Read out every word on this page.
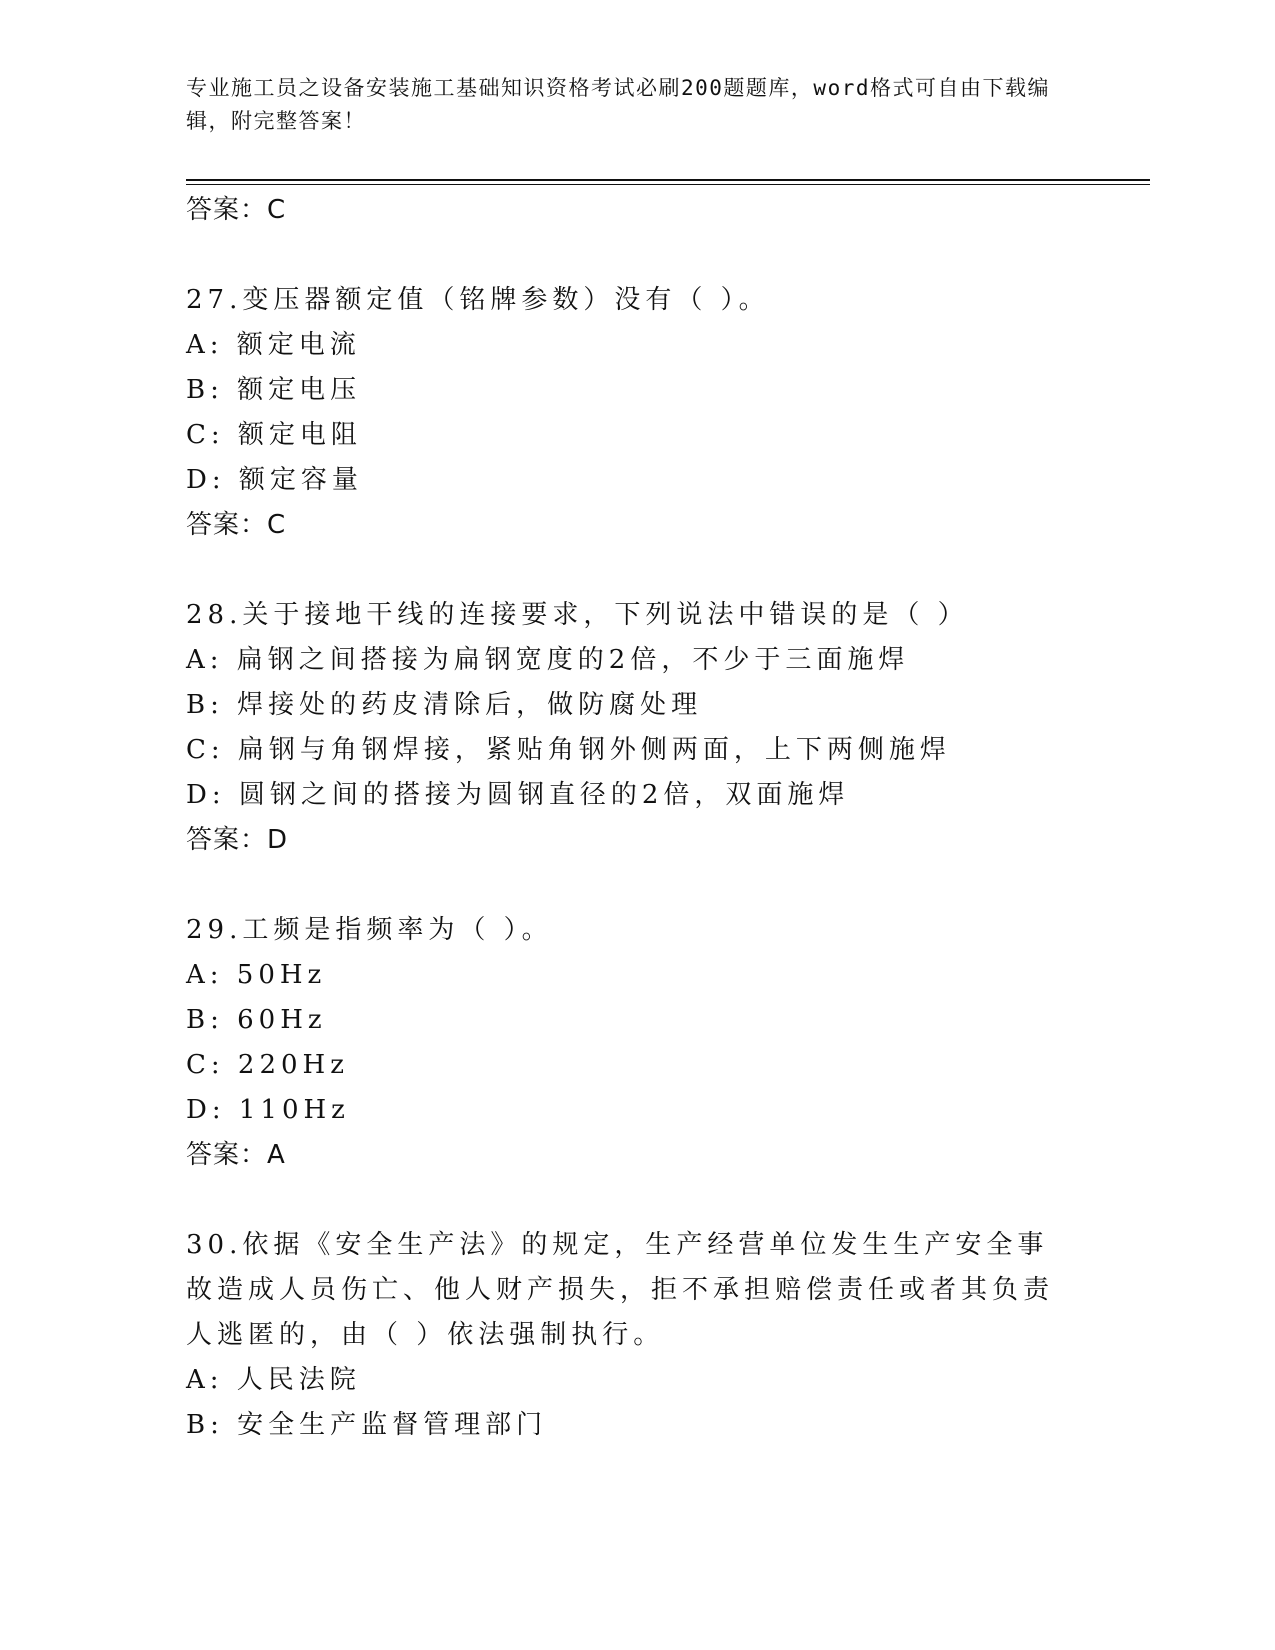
专业施工员之设备安装施工基础知识资格考试必刷200题题库，word格式可自由下载编辑，附完整答案！
答案：C
27.变压器额定值（铭牌参数）没有（ ）。
A: 额定电流
B: 额定电压
C: 额定电阻
D: 额定容量
答案：C
28.关于接地干线的连接要求，下列说法中错误的是（ ）
A: 扁钢之间搭接为扁钢宽度的2倍，不少于三面施焊
B: 焊接处的药皮清除后，做防腐处理
C: 扁钢与角钢焊接，紧贴角钢外侧两面，上下两侧施焊
D: 圆钢之间的搭接为圆钢直径的2倍，双面施焊
答案：D
29.工频是指频率为（ ）。
A: 50Hz
B: 60Hz
C: 220Hz
D: 110Hz
答案：A
30.依据《安全生产法》的规定，生产经营单位发生生产安全事故造成人员伤亡、他人财产损失，拒不承担赔偿责任或者其负责人逃匿的，由（ ）依法强制执行。
A: 人民法院
B: 安全生产监督管理部门
